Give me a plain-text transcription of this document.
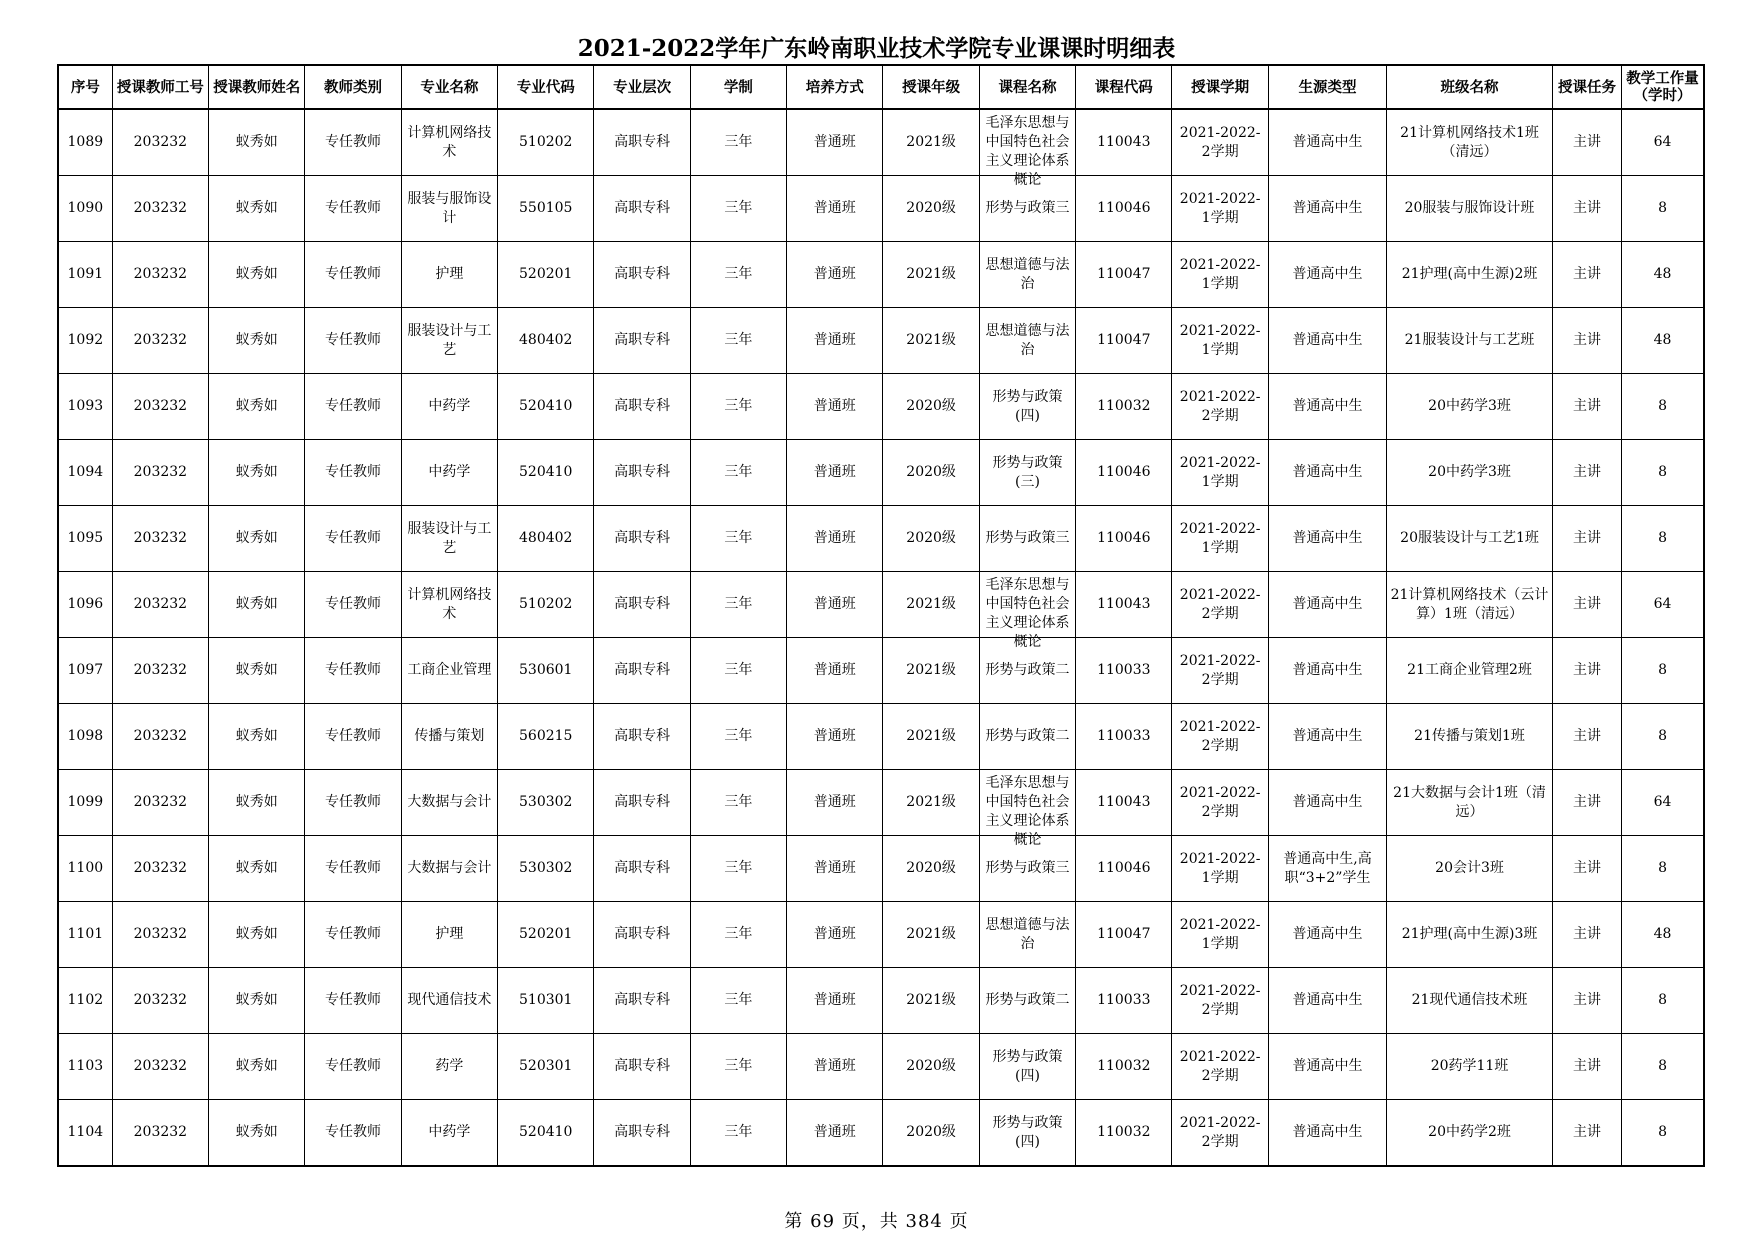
2021-2022学年广东岭南职业技术学院专业课课时明细表
序号	授课教师工号	授课教师姓名	教师类别	专业名称	专业代码	专业层次	学制	培养方式	授课年级	课程名称	课程代码	授课学期	生源类型	班级名称	授课任务	教学工作量（学时）

1089	203232	蚁秀如	专任教师	计算机网络技术	510202	高职专科	三年	普通班	2021级	毛泽东思想与中国特色社会主义理论体系概论	110043	2021-2022-2学期	普通高中生	21计算机网络技术1班（清远）	主讲	64

1090	203232	蚁秀如	专任教师	服装与服饰设计	550105	高职专科	三年	普通班	2020级	形势与政策三	110046	2021-2022-1学期	普通高中生	20服装与服饰设计班	主讲	8

1091	203232	蚁秀如	专任教师	护理	520201	高职专科	三年	普通班	2021级	思想道德与法治	110047	2021-2022-1学期	普通高中生	21护理(高中生源)2班	主讲	48

1092	203232	蚁秀如	专任教师	服装设计与工艺	480402	高职专科	三年	普通班	2021级	思想道德与法治	110047	2021-2022-1学期	普通高中生	21服装设计与工艺班	主讲	48

1093	203232	蚁秀如	专任教师	中药学	520410	高职专科	三年	普通班	2020级	形势与政策(四)	110032	2021-2022-2学期	普通高中生	20中药学3班	主讲	8

1094	203232	蚁秀如	专任教师	中药学	520410	高职专科	三年	普通班	2020级	形势与政策(三)	110046	2021-2022-1学期	普通高中生	20中药学3班	主讲	8

1095	203232	蚁秀如	专任教师	服装设计与工艺	480402	高职专科	三年	普通班	2020级	形势与政策三	110046	2021-2022-1学期	普通高中生	20服装设计与工艺1班	主讲	8

1096	203232	蚁秀如	专任教师	计算机网络技术	510202	高职专科	三年	普通班	2021级	毛泽东思想与中国特色社会主义理论体系概论	110043	2021-2022-2学期	普通高中生	21计算机网络技术（云计算）1班（清远）	主讲	64

1097	203232	蚁秀如	专任教师	工商企业管理	530601	高职专科	三年	普通班	2021级	形势与政策二	110033	2021-2022-2学期	普通高中生	21工商企业管理2班	主讲	8

1098	203232	蚁秀如	专任教师	传播与策划	560215	高职专科	三年	普通班	2021级	形势与政策二	110033	2021-2022-2学期	普通高中生	21传播与策划1班	主讲	8

1099	203232	蚁秀如	专任教师	大数据与会计	530302	高职专科	三年	普通班	2021级	毛泽东思想与中国特色社会主义理论体系概论	110043	2021-2022-2学期	普通高中生	21大数据与会计1班（清远）	主讲	64

1100	203232	蚁秀如	专任教师	大数据与会计	530302	高职专科	三年	普通班	2020级	形势与政策三	110046	2021-2022-1学期	普通高中生,高职“3+2”学生	20会计3班	主讲	8

1101	203232	蚁秀如	专任教师	护理	520201	高职专科	三年	普通班	2021级	思想道德与法治	110047	2021-2022-1学期	普通高中生	21护理(高中生源)3班	主讲	48

1102	203232	蚁秀如	专任教师	现代通信技术	510301	高职专科	三年	普通班	2021级	形势与政策二	110033	2021-2022-2学期	普通高中生	21现代通信技术班	主讲	8

1103	203232	蚁秀如	专任教师	药学	520301	高职专科	三年	普通班	2020级	形势与政策(四)	110032	2021-2022-2学期	普通高中生	20药学11班	主讲	8

1104	203232	蚁秀如	专任教师	中药学	520410	高职专科	三年	普通班	2020级	形势与政策(四)	110032	2021-2022-2学期	普通高中生	20中药学2班	主讲	8
第 69 页，共 384 页
